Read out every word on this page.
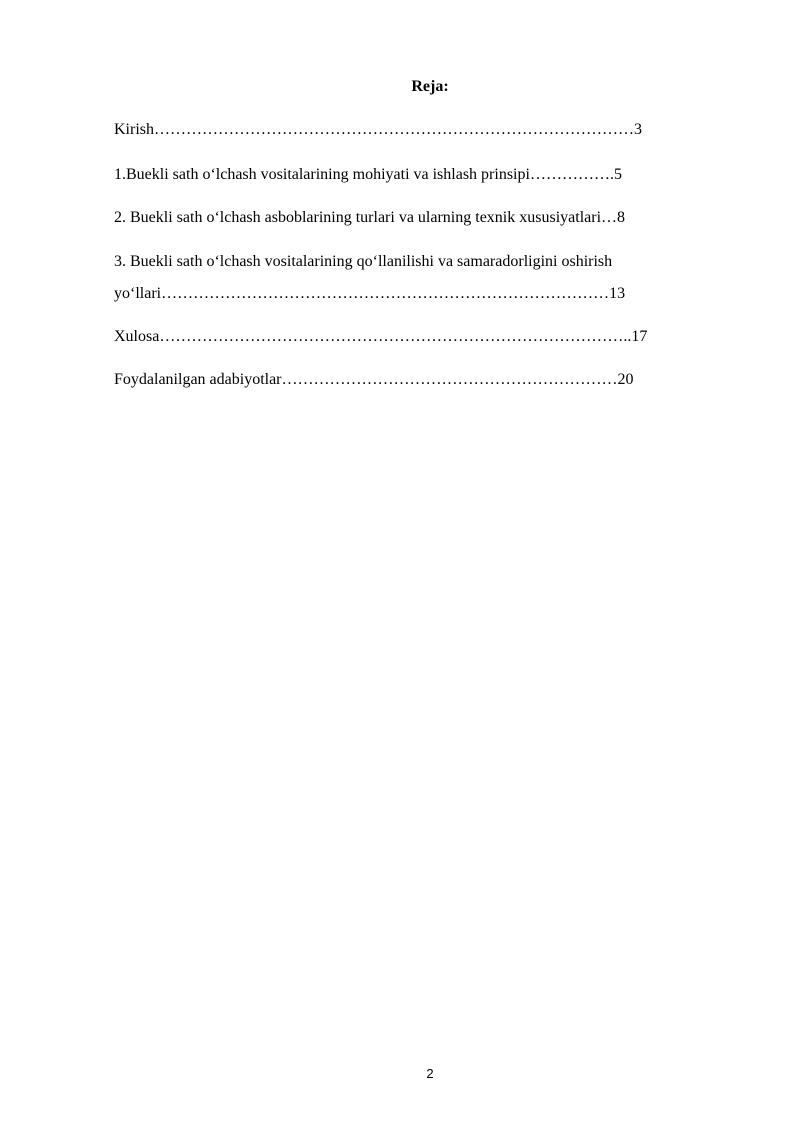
Reja:
Kirish………………………………………………………………………………3
1.Buekli sath oʻlchash vositalarining mohiyati va ishlash prinsipi…………….5
2. Buekli sath oʻlchash asboblarining turlari va ularning texnik xususiyatlari…8
3. Buekli sath oʻlchash vositalarining qoʻllanilishi va samaradorligini oshirish
yoʻllari…………………………………………………………………………13
Xulosa……………………………………………………………………………..17
Foydalanilgan adabiyotlar………………………………………………………20
2
